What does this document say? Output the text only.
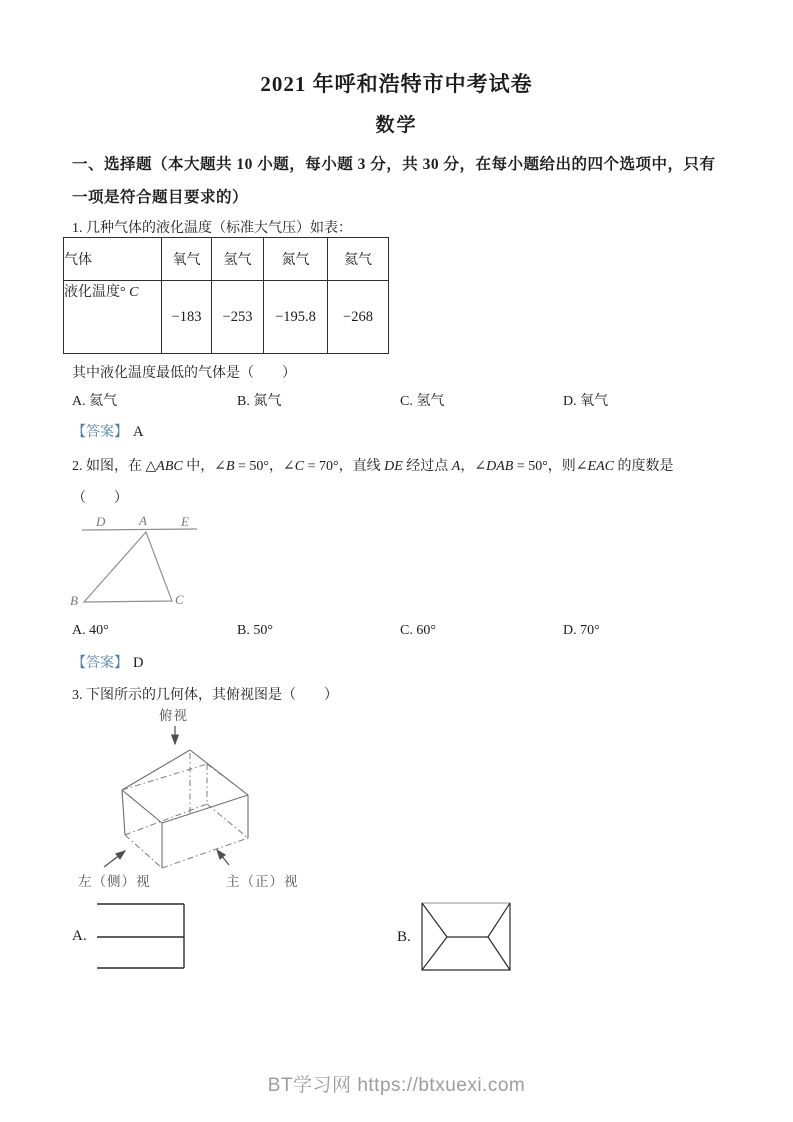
2021 年呼和浩特市中考试卷
数学
一、选择题（本大题共 10 小题，每小题 3 分，共 30 分，在每小题给出的四个选项中，只有
一项是符合题目要求的）
1. 几种气体的液化温度（标准大气压）如表：
气体	氧气	氢气	氮气	氦气
液化温度° C	−183	−253	−195.8	−268
其中液化温度最低的气体是（　　）
A. 氦气	B. 氮气	C. 氢气	D. 氧气
【答案】 A
2. 如图，在 △ABC 中，∠B = 50°，∠C = 70°，直线 DE 经过点 A，∠DAB = 50°，则∠EAC 的度数是
（　　）
D	A	E
B	C
A. 40°	B. 50°	C. 60°	D. 70°
【答案】 D
3. 下图所示的几何体，其俯视图是（　　）
俯视
左（侧）视	主（正）视
A.	B.
BT学习网 https://btxuexi.com
